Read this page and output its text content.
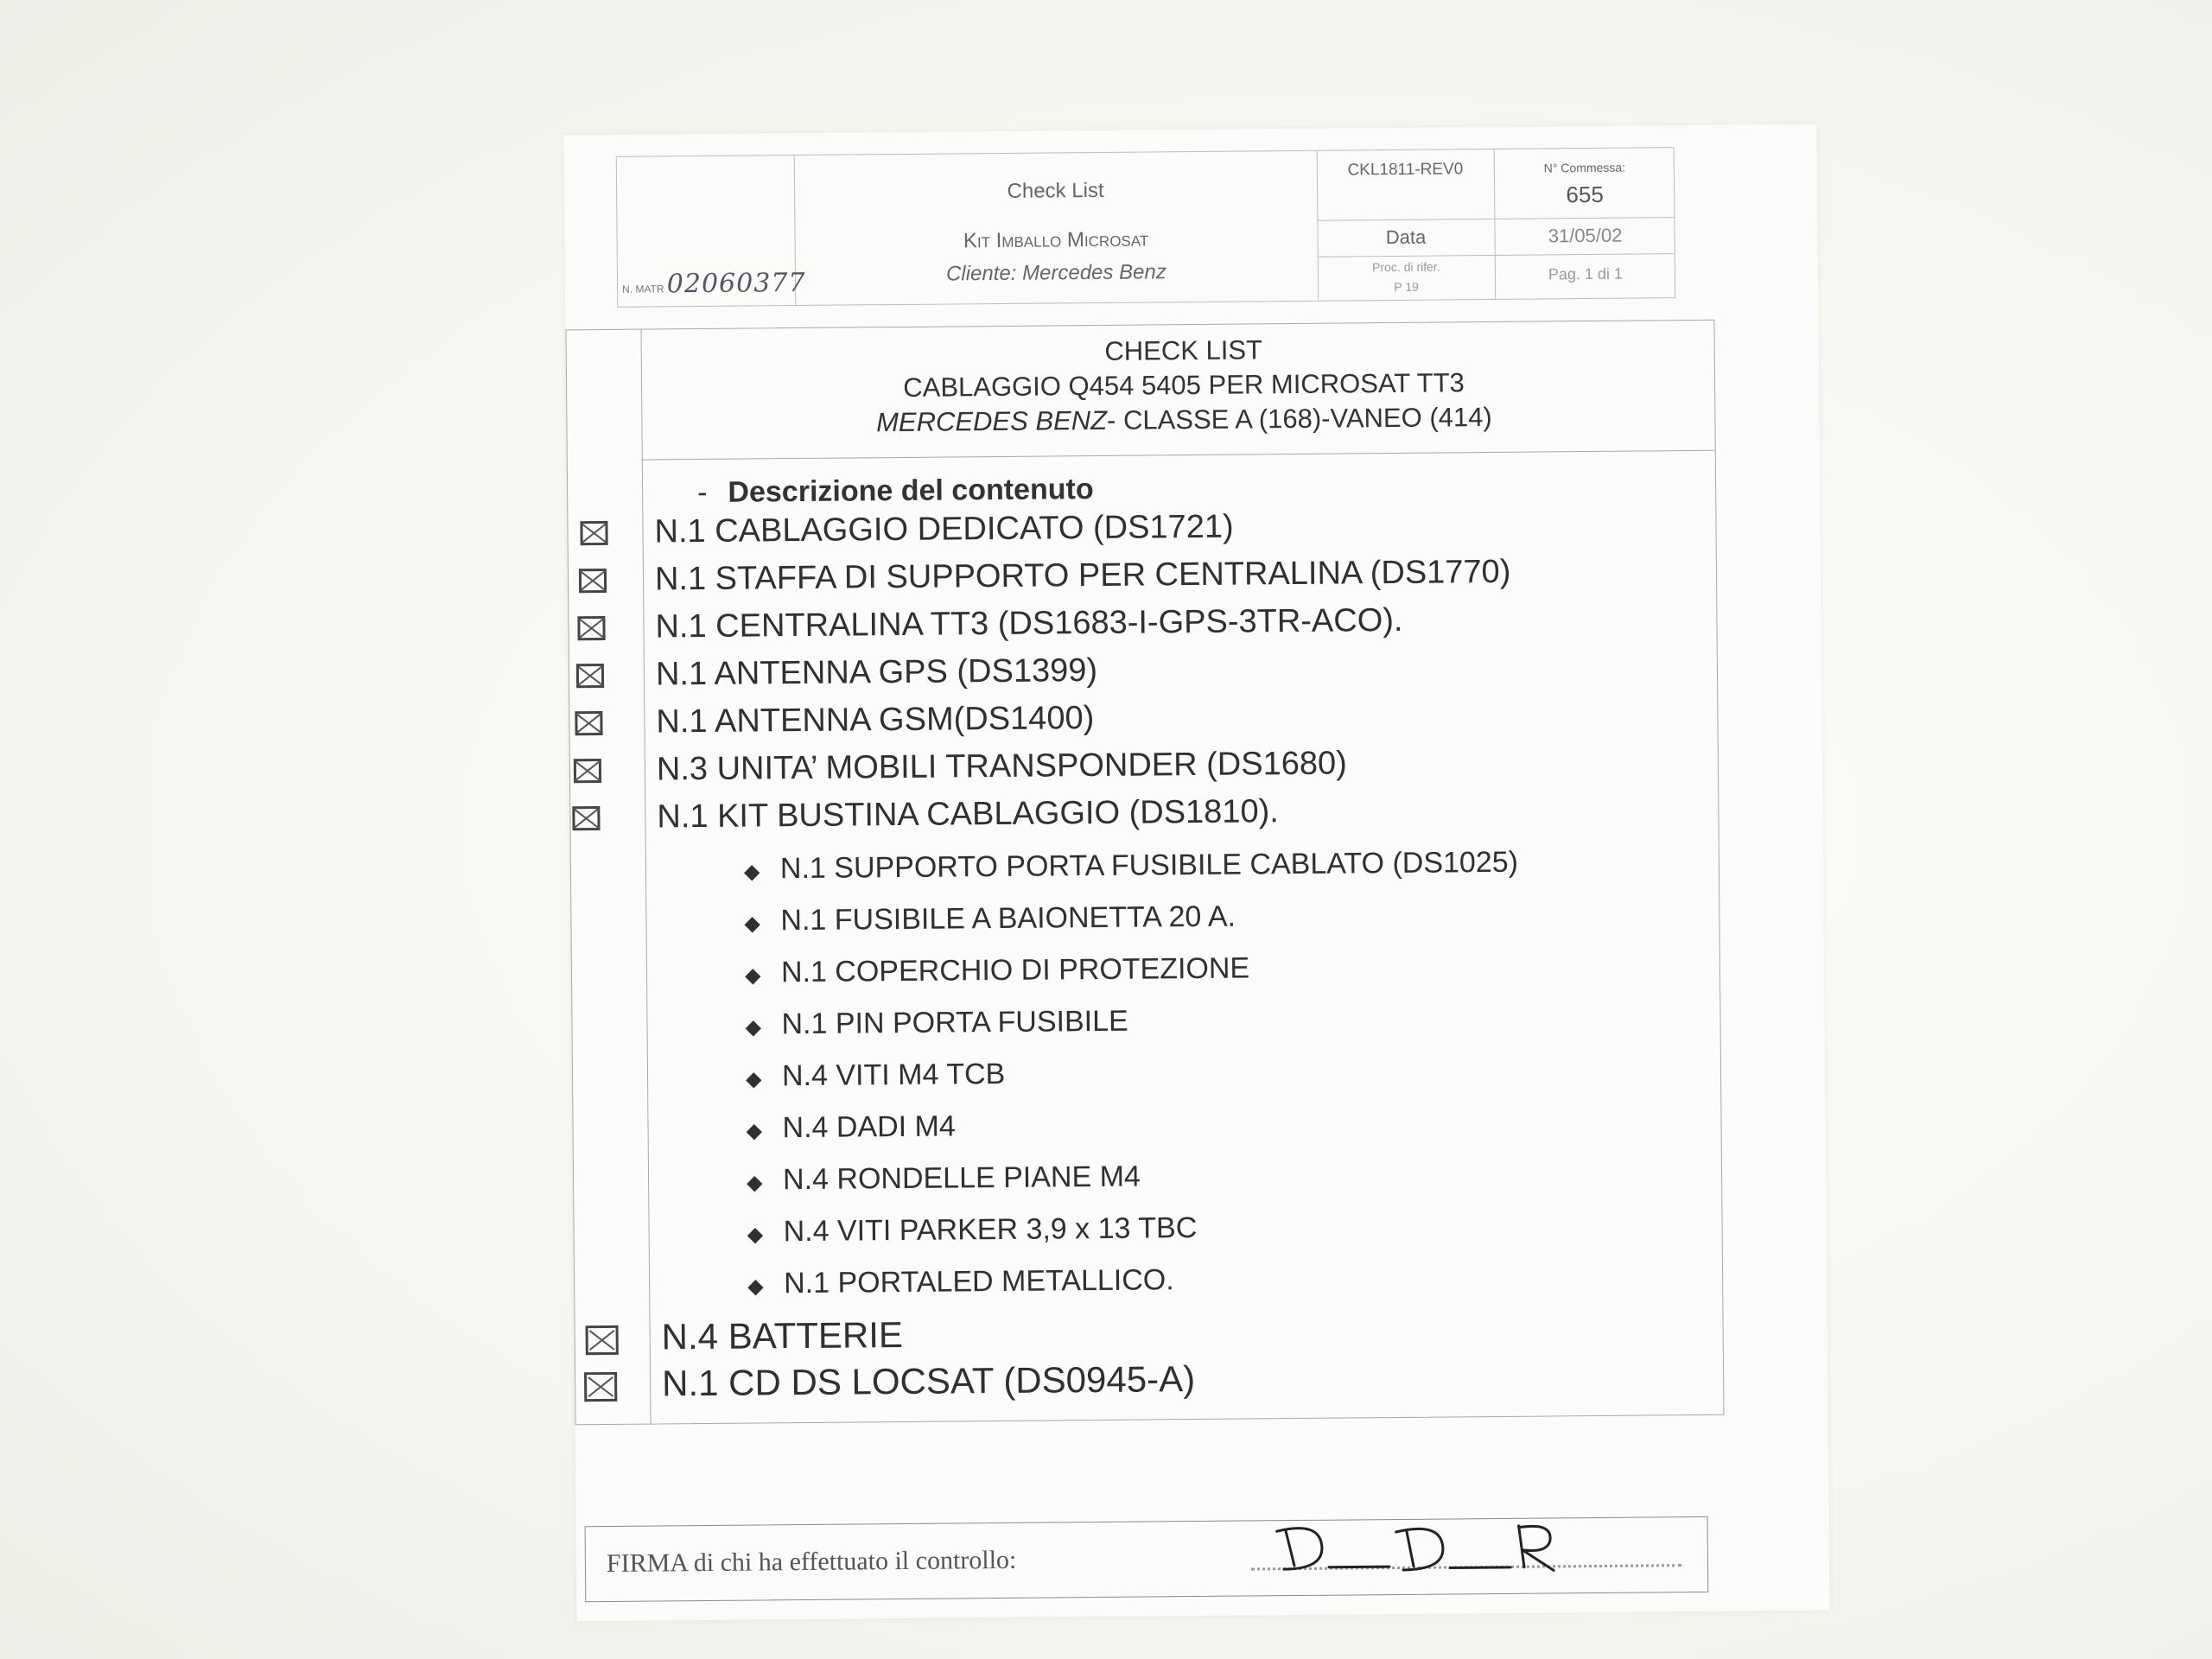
Check List
Kit Imballo Microsat
Cliente: Mercedes Benz
CKL1811-REV0	N° Commessa:
655
Data	31/05/02
Proc. di rifer.
P 19
Pag. 1 di 1
N. MATR 02060377
CHECK LIST
CABLAGGIO Q454 5405 PER MICROSAT TT3
MERCEDES BENZ- CLASSE A (168)-VANEO (414)
- Descrizione del contenuto
N.1 CABLAGGIO DEDICATO (DS1721)
N.1 STAFFA DI SUPPORTO PER CENTRALINA (DS1770)
N.1 CENTRALINA TT3 (DS1683-I-GPS-3TR-ACO).
N.1 ANTENNA GPS (DS1399)
N.1 ANTENNA GSM(DS1400)
N.3 UNITA’ MOBILI TRANSPONDER (DS1680)
N.1 KIT BUSTINA CABLAGGIO (DS1810).
◆ N.1 SUPPORTO PORTA FUSIBILE CABLATO (DS1025)
◆ N.1 FUSIBILE A BAIONETTA 20 A.
◆ N.1 COPERCHIO DI PROTEZIONE
◆ N.1 PIN PORTA FUSIBILE
◆ N.4 VITI M4 TCB
◆ N.4 DADI M4
◆ N.4 RONDELLE PIANE M4
◆ N.4 VITI PARKER 3,9 x 13 TBC
◆ N.1 PORTALED METALLICO.
N.4 BATTERIE
N.1 CD DS LOCSAT (DS0945-A)
FIRMA di chi ha effettuato il controllo:
